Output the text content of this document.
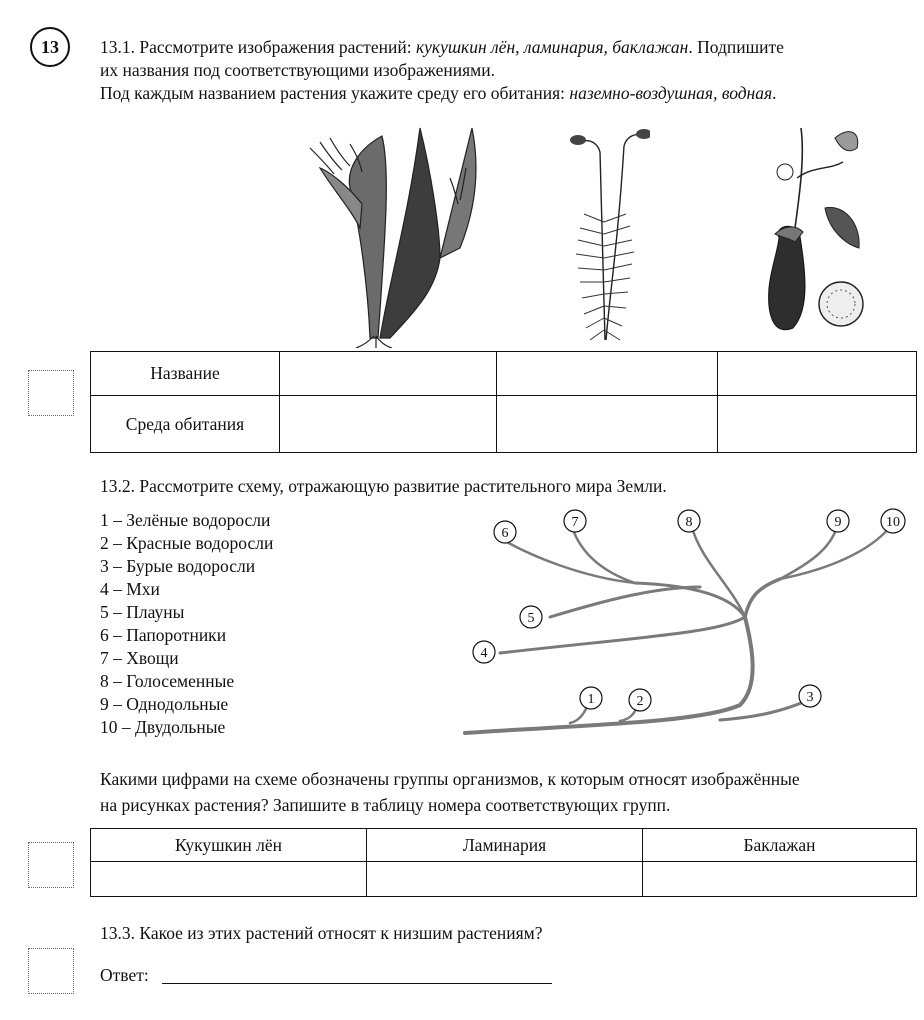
13	13.1. Рассмотрите изображения растений: кукушкин лён, ламинария, баклажан. Подпишите
их названия под соответствующими изображениями.
Под каждым названием растения укажите среду его обитания: наземно-воздушная, водная.
Название			
Среда обитания			
13.2. Рассмотрите схему, отражающую развитие растительного мира Земли.
1 – Зелёные водоросли
2 – Красные водоросли
3 – Бурые водоросли
4 – Мхи
5 – Плауны
6 – Папоротники
7 – Хвощи
8 – Голосеменные
9 – Однодольные
10 – Двудольные
1	2	3
4
5
6
7	8	9	10
Какими цифрами на схеме обозначены группы организмов, к которым относят изображённые
на рисунках растения? Запишите в таблицу номера соответствующих групп.
Кукушкин лён	Ламинария	Баклажан

13.3. Какое из этих растений относят к низшим растениям?
Ответ:
